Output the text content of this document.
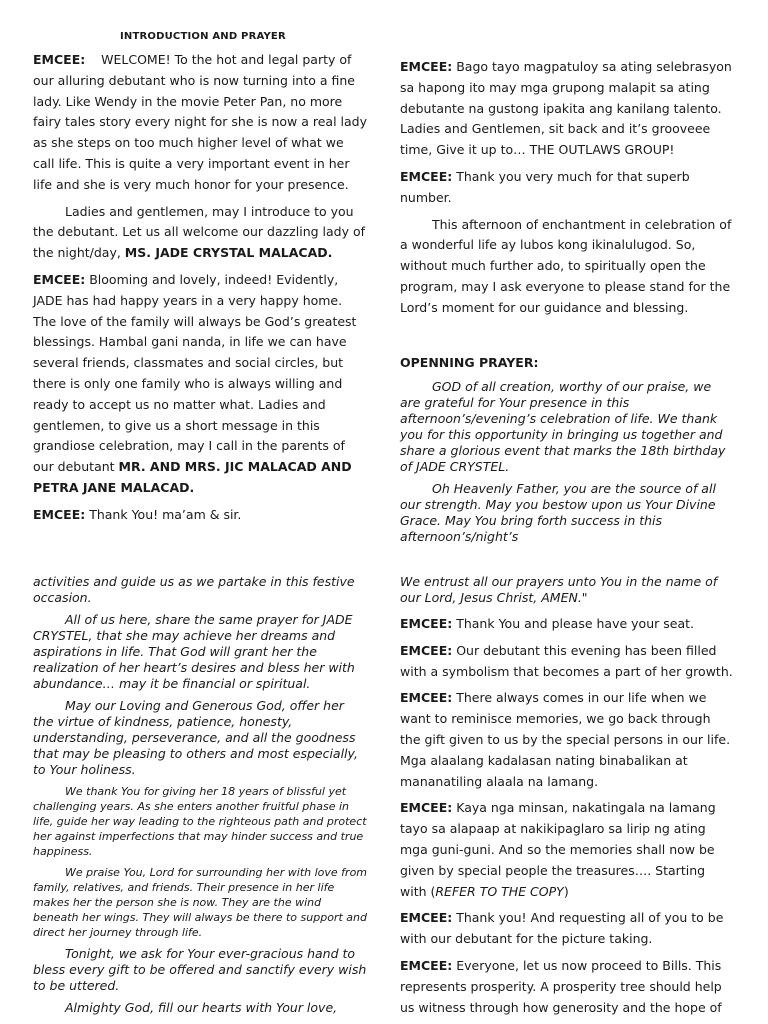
INTRODUCTION AND PRAYER

EMCEE: WELCOME! To the hot and legal party of our alluring debutant who is now turning into a fine lady. Like Wendy in the movie Peter Pan, no more fairy tales story every night for she is now a real lady as she steps on too much higher level of what we call life. This is quite a very important event in her life and she is very much honor for your presence.

Ladies and gentlemen, may I introduce to you the debutant. Let us all welcome our dazzling lady of the night/day, MS. JADE CRYSTAL MALACAD.

EMCEE: Blooming and lovely, indeed! Evidently, JADE has had happy years in a very happy home. The love of the family will always be God’s greatest blessings. Hambal gani nanda, in life we can have several friends, classmates and social circles, but there is only one family who is always willing and ready to accept us no matter what. Ladies and gentlemen, to give us a short message in this grandiose celebration, may I call in the parents of our debutant MR. AND MRS. JIC MALACAD AND PETRA JANE MALACAD.

EMCEE: Thank You! ma’am & sir.

EMCEE: Bago tayo magpatuloy sa ating selebrasyon sa hapong ito may mga grupong malapit sa ating debutante na gustong ipakita ang kanilang talento. Ladies and Gentlemen, sit back and it’s grooveee time, Give it up to… THE OUTLAWS GROUP!

EMCEE: Thank you very much for that superb number.

This afternoon of enchantment in celebration of a wonderful life ay lubos kong ikinalulugod. So, without much further ado, to spiritually open the program, may I ask everyone to please stand for the Lord’s moment for our guidance and blessing.

OPENNING PRAYER:

GOD of all creation, worthy of our praise, we are grateful for Your presence in this afternoon’s/evening’s celebration of life. We thank you for this opportunity in bringing us together and share a glorious event that marks the 18th birthday of JADE CRYSTEL.

Oh Heavenly Father, you are the source of all our strength. May you bestow upon us Your Divine Grace. May You bring forth success in this afternoon’s/night’s

activities and guide us as we partake in this festive occasion.

All of us here, share the same prayer for JADE CRYSTEL, that she may achieve her dreams and aspirations in life. That God will grant her the realization of her heart’s desires and bless her with abundance… may it be financial or spiritual.

May our Loving and Generous God, offer her the virtue of kindness, patience, honesty, understanding, perseverance, and all the goodness that may be pleasing to others and most especially, to Your holiness.

We thank You for giving her 18 years of blissful yet challenging years. As she enters another fruitful phase in life, guide her way leading to the righteous path and protect her against imperfections that may hinder success and true happiness.

We praise You, Lord for surrounding her with love from family, relatives, and friends. Their presence in her life makes her the person she is now. They are the wind beneath her wings. They will always be there to support and direct her journey through life.

Tonight, we ask for Your ever-gracious hand to bless every gift to be offered and sanctify every wish to be uttered.

Almighty God, fill our hearts with Your love,

We entrust all our prayers unto You in the name of our Lord, Jesus Christ, AMEN."

EMCEE: Thank You and please have your seat.

EMCEE: Our debutant this evening has been filled with a symbolism that becomes a part of her growth.

EMCEE: There always comes in our life when we want to reminisce memories, we go back through the gift given to us by the special persons in our life. Mga alaalang kadalasan nating binabalikan at mananatiling alaala na lamang.

EMCEE: Kaya nga minsan, nakatingala na lamang tayo sa alapaap at nakikipaglaro sa lirip ng ating mga guni-guni. And so the memories shall now be given by special people the treasures…. Starting with (REFER TO THE COPY)

EMCEE: Thank you! And requesting all of you to be with our debutant for the picture taking.

EMCEE: Everyone, let us now proceed to Bills. This represents prosperity. A prosperity tree should help us witness through how generosity and the hope of
